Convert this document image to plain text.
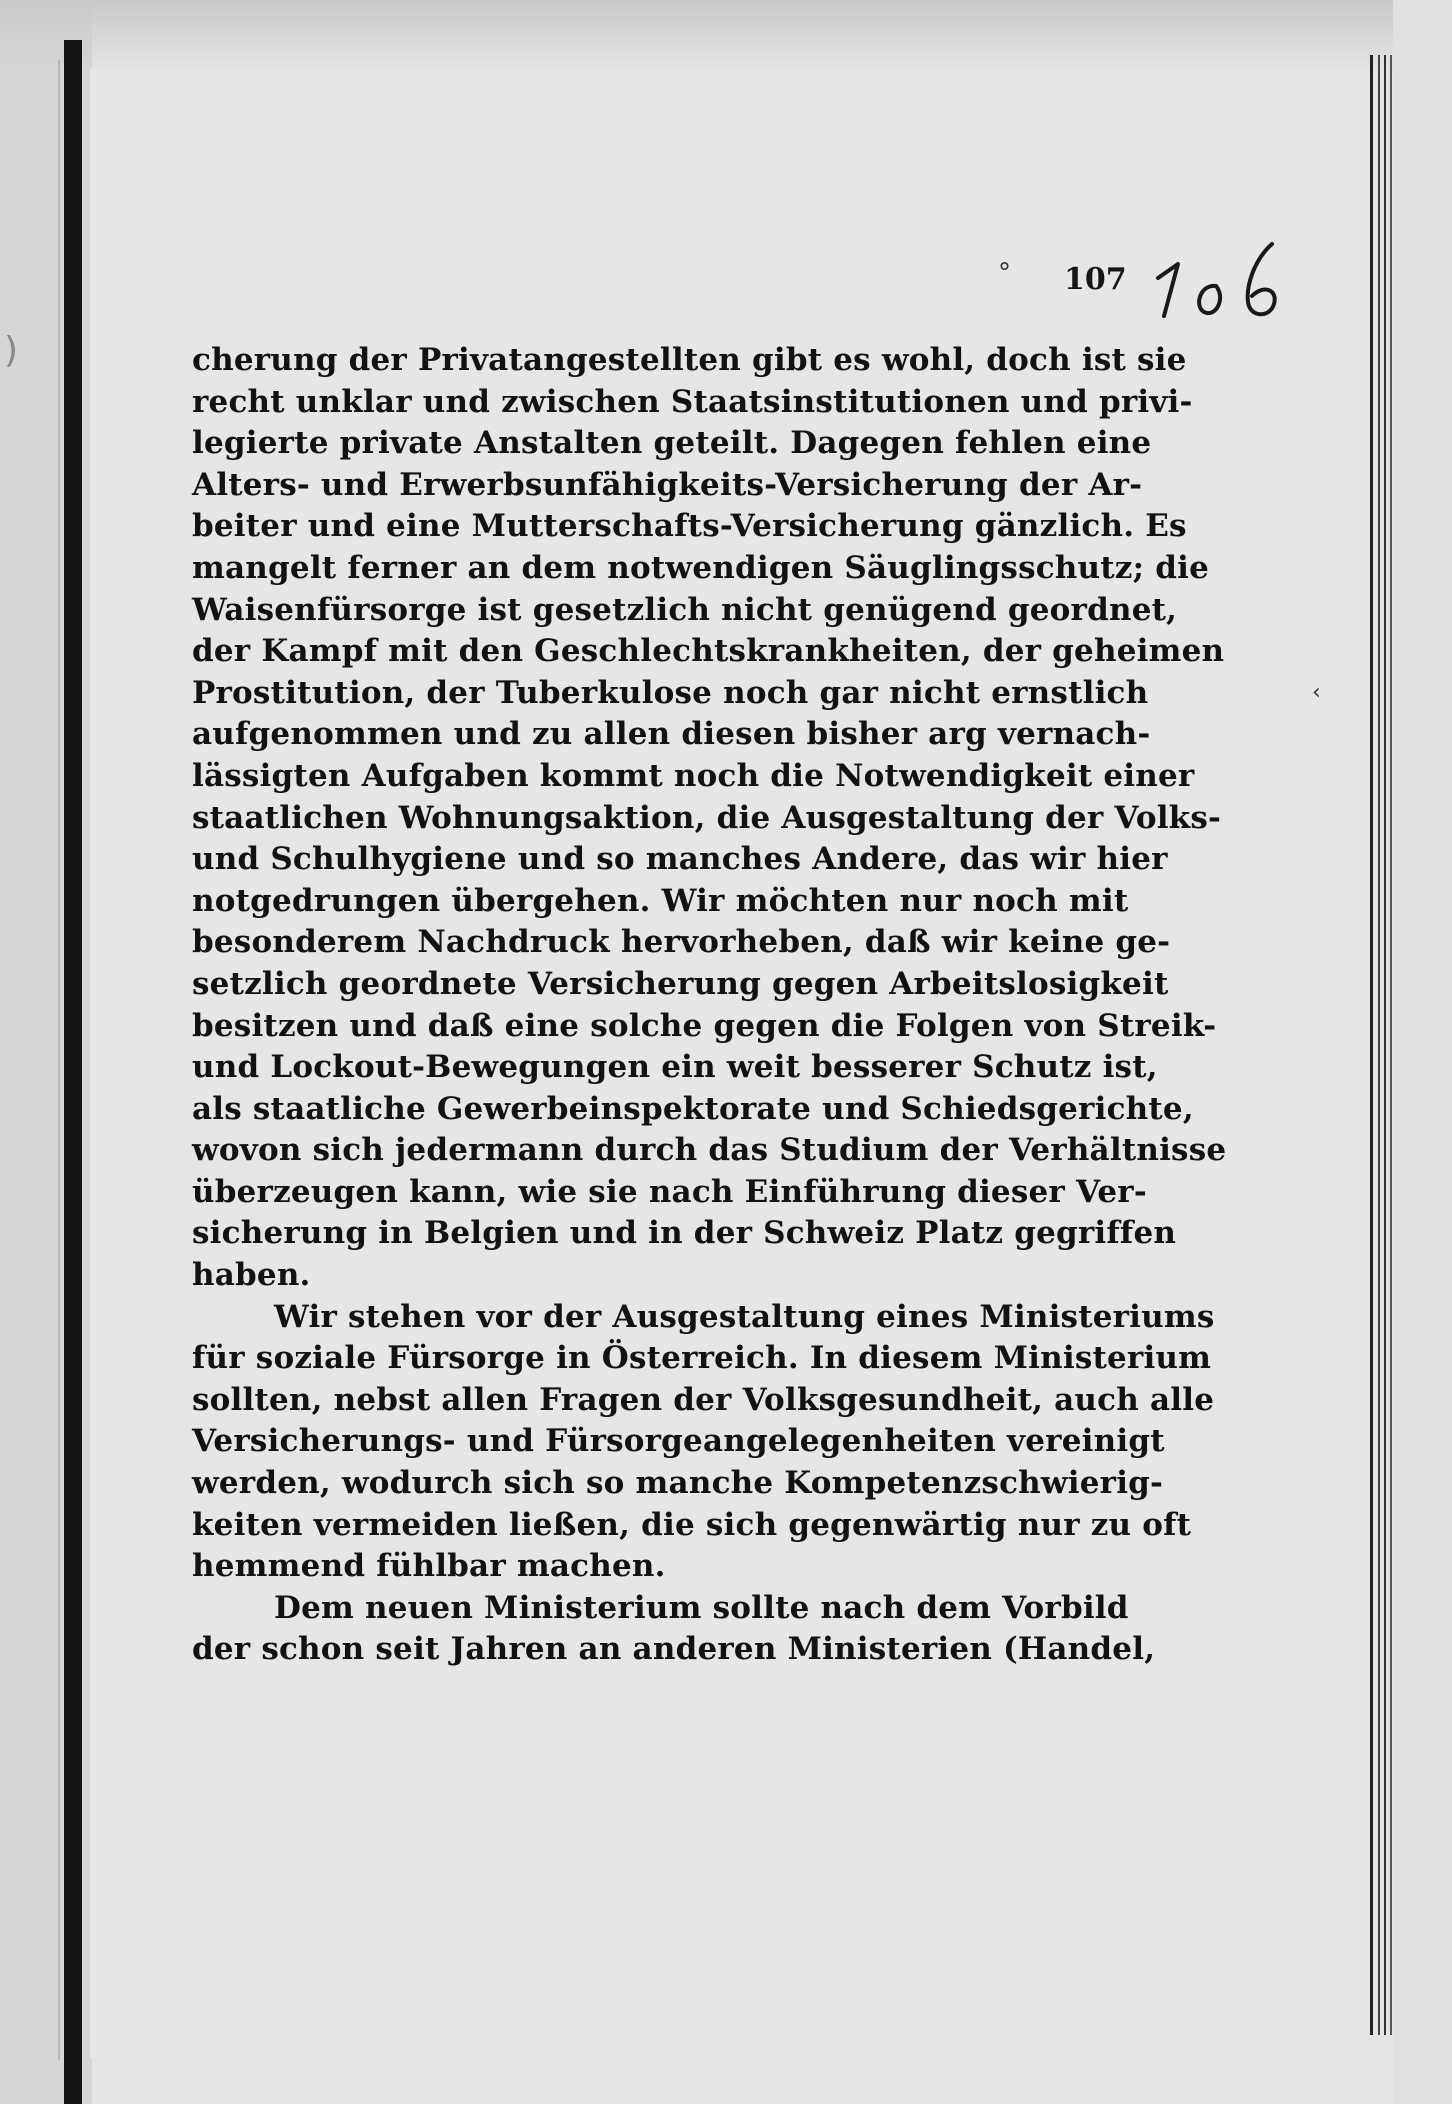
°
‹
)

107

cherung der Privatangestellten gibt es wohl, doch ist sie
recht unklar und zwischen Staatsinstitutionen und privi-
legierte private Anstalten geteilt. Dagegen fehlen eine
Alters- und Erwerbsunfähigkeits-Versicherung der Ar-
beiter und eine Mutterschafts-Versicherung gänzlich. Es
mangelt ferner an dem notwendigen Säuglingsschutz; die
Waisenfürsorge ist gesetzlich nicht genügend geordnet,
der Kampf mit den Geschlechtskrankheiten, der geheimen
Prostitution, der Tuberkulose noch gar nicht ernstlich
aufgenommen und zu allen diesen bisher arg vernach-
lässigten Aufgaben kommt noch die Notwendigkeit einer
staatlichen Wohnungsaktion, die Ausgestaltung der Volks-
und Schulhygiene und so manches Andere, das wir hier
notgedrungen übergehen. Wir möchten nur noch mit
besonderem Nachdruck hervorheben, daß wir keine ge-
setzlich geordnete Versicherung gegen Arbeitslosigkeit
besitzen und daß eine solche gegen die Folgen von Streik-
und Lockout-Bewegungen ein weit besserer Schutz ist,
als staatliche Gewerbeinspektorate und Schiedsgerichte,
wovon sich jedermann durch das Studium der Verhältnisse
überzeugen kann, wie sie nach Einführung dieser Ver-
sicherung in Belgien und in der Schweiz Platz gegriffen
haben.
Wir stehen vor der Ausgestaltung eines Ministeriums
für soziale Fürsorge in Österreich. In diesem Ministerium
sollten, nebst allen Fragen der Volksgesundheit, auch alle
Versicherungs- und Fürsorgeangelegenheiten vereinigt
werden, wodurch sich so manche Kompetenzschwierig-
keiten vermeiden ließen, die sich gegenwärtig nur zu oft
hemmend fühlbar machen.
Dem neuen Ministerium sollte nach dem Vorbild
der schon seit Jahren an anderen Ministerien (Handel,
